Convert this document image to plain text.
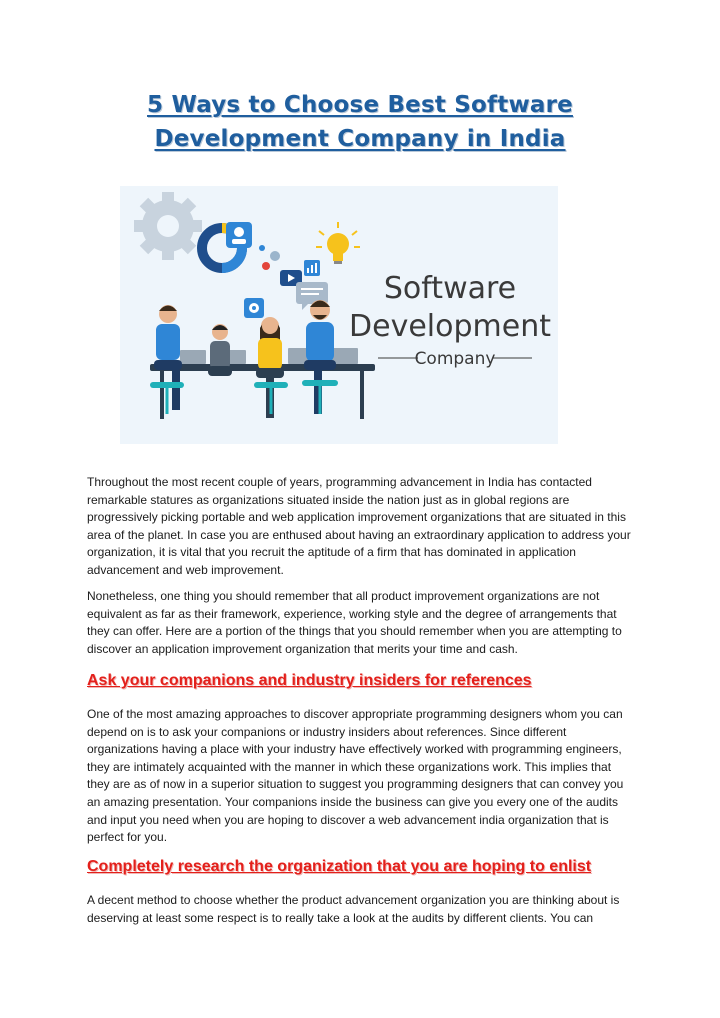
5 Ways to Choose Best Software Development Company in India
Software
Development
Company

Throughout the most recent couple of years, programming advancement in India has contacted remarkable statures as organizations situated inside the nation just as in global regions are progressively picking portable and web application improvement organizations that are situated in this area of the planet. In case you are enthused about having an extraordinary application to address your organization, it is vital that you recruit the aptitude of a firm that has dominated in application advancement and web improvement.

Nonetheless, one thing you should remember that all product improvement organizations are not equivalent as far as their framework, experience, working style and the degree of arrangements that they can offer. Here are a portion of the things that you should remember when you are attempting to discover an application improvement organization that merits your time and cash.

Ask your companions and industry insiders for references

One of the most amazing approaches to discover appropriate programming designers whom you can depend on is to ask your companions or industry insiders about references. Since different organizations having a place with your industry have effectively worked with programming engineers, they are intimately acquainted with the manner in which these organizations work. This implies that they are as of now in a superior situation to suggest you programming designers that can convey you an amazing presentation. Your companions inside the business can give you every one of the audits and input you need when you are hoping to discover a web advancement india organization that is perfect for you.

Completely research the organization that you are hoping to enlist

A decent method to choose whether the product advancement organization you are thinking about is deserving at least some respect is to really take a look at the audits by different clients. You can
